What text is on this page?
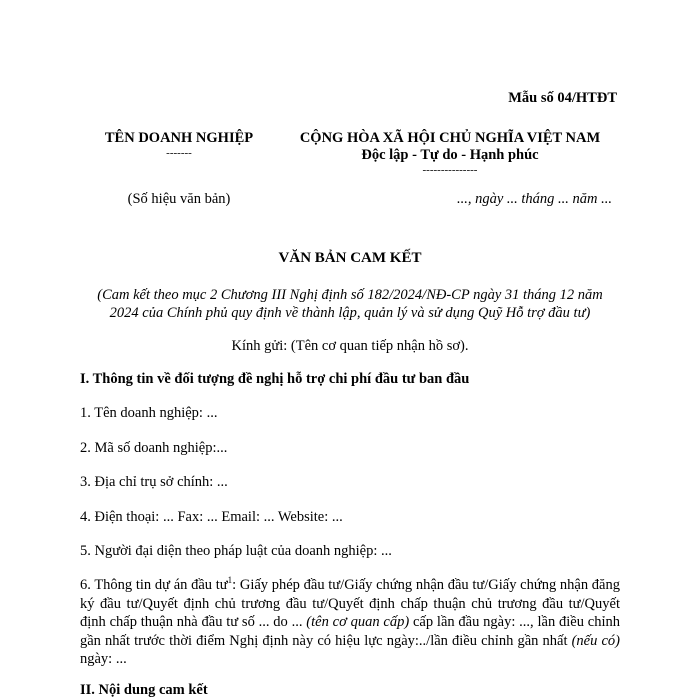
Mẫu số 04/HTĐT
TÊN DOANH NGHIỆP
-------
CỘNG HÒA XÃ HỘI CHỦ NGHĨA VIỆT NAM
Độc lập - Tự do - Hạnh phúc
---------------
(Số hiệu văn bản)	..., ngày ... tháng ... năm ...
VĂN BẢN CAM KẾT
(Cam kết theo mục 2 Chương III Nghị định số 182/2024/NĐ-CP ngày 31 tháng 12 năm
2024 của Chính phủ quy định về thành lập, quản lý và sử dụng Quỹ Hỗ trợ đầu tư)
Kính gửi: (Tên cơ quan tiếp nhận hồ sơ).
I. Thông tin về đối tượng đề nghị hỗ trợ chi phí đầu tư ban đầu
1. Tên doanh nghiệp: ...
2. Mã số doanh nghiệp:...
3. Địa chỉ trụ sở chính: ...
4. Điện thoại: ... Fax: ... Email: ... Website: ...
5. Người đại diện theo pháp luật của doanh nghiệp: ...
6. Thông tin dự án đầu $tư^1$: Giấy phép đầu tư/Giấy chứng nhận đầu tư/Giấy chứng nhận đăng ký đầu tư/Quyết định chủ trương đầu tư/Quyết định chấp thuận chủ trương đầu tư/Quyết định chấp thuận nhà đầu tư số ... do ... (tên cơ quan cấp) cấp lần đầu ngày: ..., lần điều chỉnh gần nhất trước thời điểm Nghị định này có hiệu lực ngày:../lần điều chỉnh gần nhất (nếu có) ngày: ...
II. Nội dung cam kết
